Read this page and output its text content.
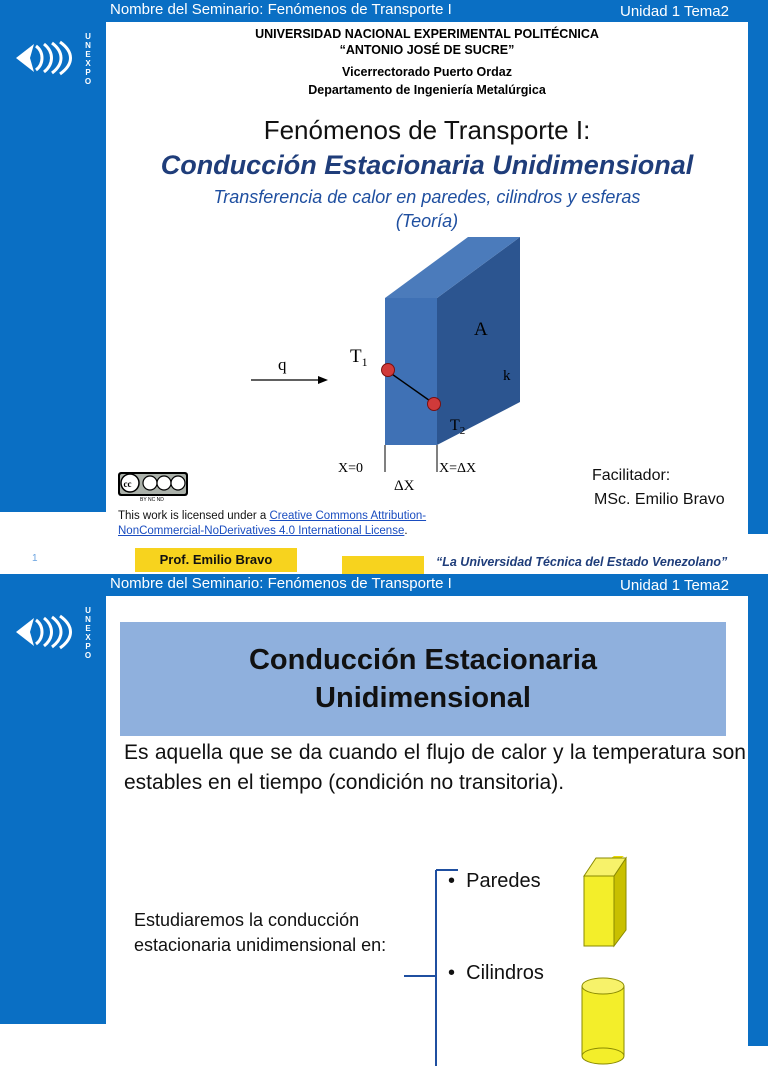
U
N
E
X
P
O
Nombre del Seminario: Fenómenos de Transporte I	Unidad 1 Tema2
UNIVERSIDAD NACIONAL EXPERIMENTAL POLITÉCNICA
“ANTONIO JOSÉ DE SUCRE”
Vicerrectorado Puerto Ordaz
Departamento de Ingeniería Metalúrgica
Fenómenos de Transporte I:
Conducción Estacionaria Unidimensional
Transferencia de calor en paredes, cilindros y esferas
(Teoría)
q	$T_1$
$T_2$
A
k
X=0	X=ΔX
ΔX
Facilitador:
MSc. Emilio Bravo
cc
BY NC ND
This work is licensed under a Creative Commons Attribution-NonCommercial-NoDerivatives 4.0 International License.
1	Prof. Emilio Bravo	“La Universidad Técnica del Estado Venezolano”
U
N
E
X
P
O
Nombre del Seminario: Fenómenos de Transporte I	Unidad 1 Tema2
Conducción Estacionaria
Unidimensional
Es aquella que se da cuando el flujo de calor y la temperatura son estables en el tiempo (condición no transitoria).
Estudiaremos la conducción estacionaria unidimensional en:
•  Paredes
•  Cilindros
